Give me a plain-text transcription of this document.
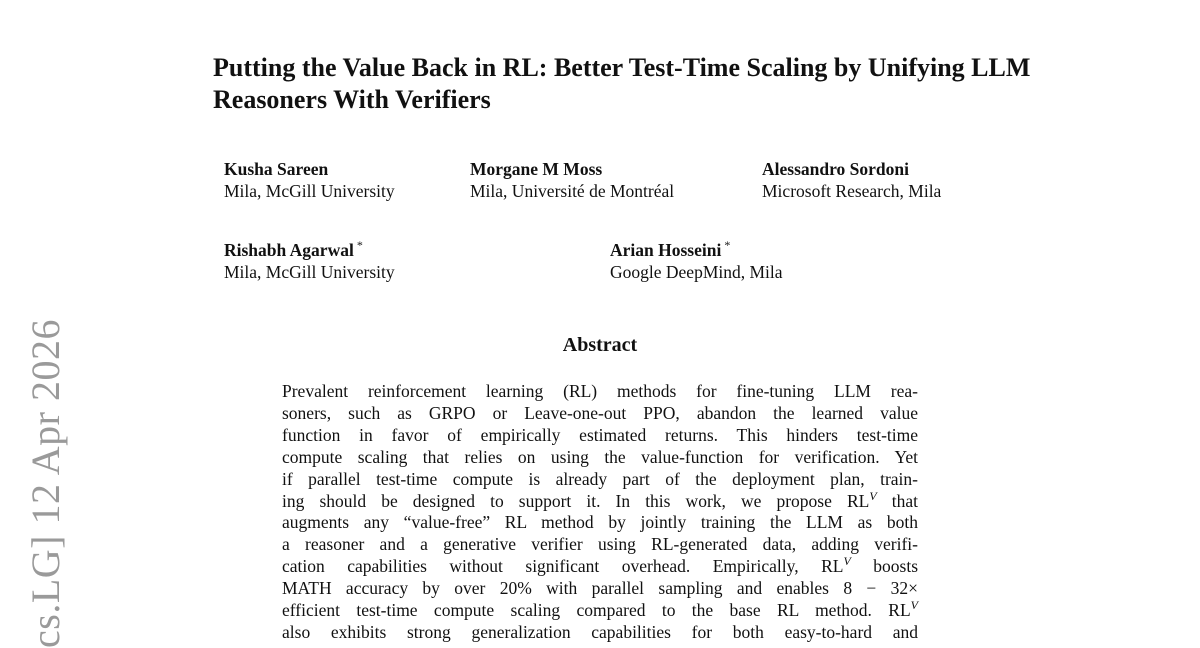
cs.LG] 12 Apr 2026
Putting the Value Back in RL: Better Test-Time Scaling by Unifying LLM Reasoners With Verifiers
Kusha Sareen
Mila, McGill University
Morgane M Moss
Mila, Université de Montréal
Alessandro Sordoni
Microsoft Research, Mila
Rishabh Agarwal *
Mila, McGill University
Arian Hosseini *
Google DeepMind, Mila
Abstract
Prevalent reinforcement learning (RL) methods for fine-tuning LLM rea-
soners, such as GRPO or Leave-one-out PPO, abandon the learned value
function in favor of empirically estimated returns. This hinders test-time
compute scaling that relies on using the value-function for verification. Yet
if parallel test-time compute is already part of the deployment plan, train-
ing should be designed to support it. In this work, we propose $RL^V$ that
augments any “value-free” RL method by jointly training the LLM as both
a reasoner and a generative verifier using RL-generated data, adding verifi-
cation capabilities without significant overhead. Empirically, $RL^V$ boosts
MATH accuracy by over 20% with parallel sampling and enables 8 − 32×
efficient test-time compute scaling compared to the base RL method. $RL^V$
also exhibits strong generalization capabilities for both easy-to-hard and
